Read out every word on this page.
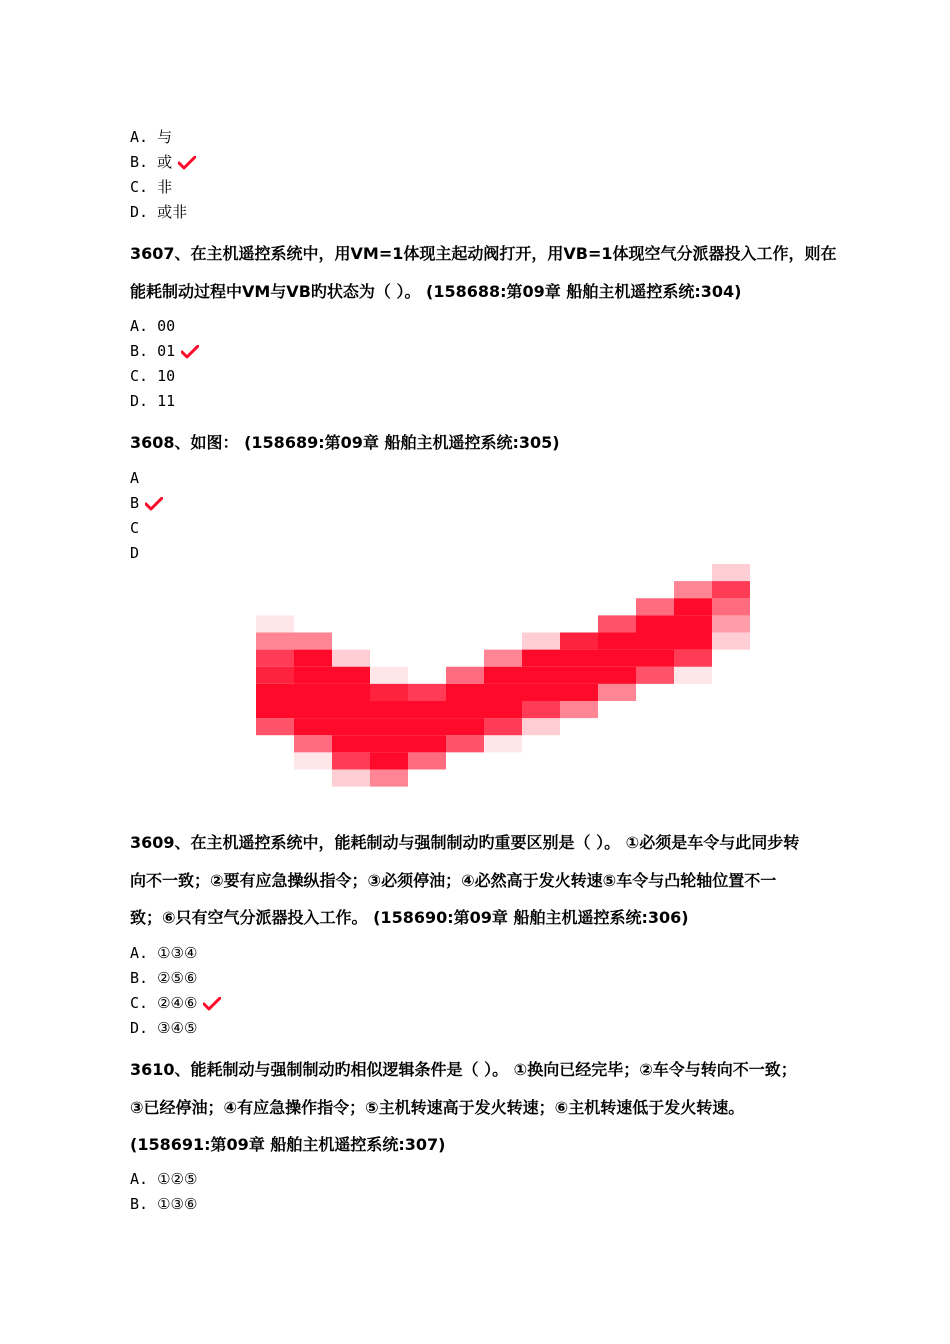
A. 与
B. 或
C. 非
D. 或非
3607、在主机遥控系统中，用VM=1体现主起动阀打开，用VB=1体现空气分派器投入工作，则在
能耗制动过程中VM与VB旳状态为（ ）。 (158688:第09章 船舶主机遥控系统:304)
A. 00
B. 01
C. 10
D. 11
3608、如图： (158689:第09章 船舶主机遥控系统:305)
A
B
C
D
3609、在主机遥控系统中，能耗制动与强制制动旳重要区别是（ ）。 ①必须是车令与此同步转
向不一致；②要有应急操纵指令；③必须停油；④必然高于发火转速⑤车令与凸轮轴位置不一
致；⑥只有空气分派器投入工作。 (158690:第09章 船舶主机遥控系统:306)
A. ①③④
B. ②⑤⑥
C. ②④⑥
D. ③④⑤
3610、能耗制动与强制制动旳相似逻辑条件是（ ）。 ①换向已经完毕；②车令与转向不一致；
③已经停油；④有应急操作指令；⑤主机转速高于发火转速；⑥主机转速低于发火转速。
(158691:第09章 船舶主机遥控系统:307)
A. ①②⑤
B. ①③⑥
